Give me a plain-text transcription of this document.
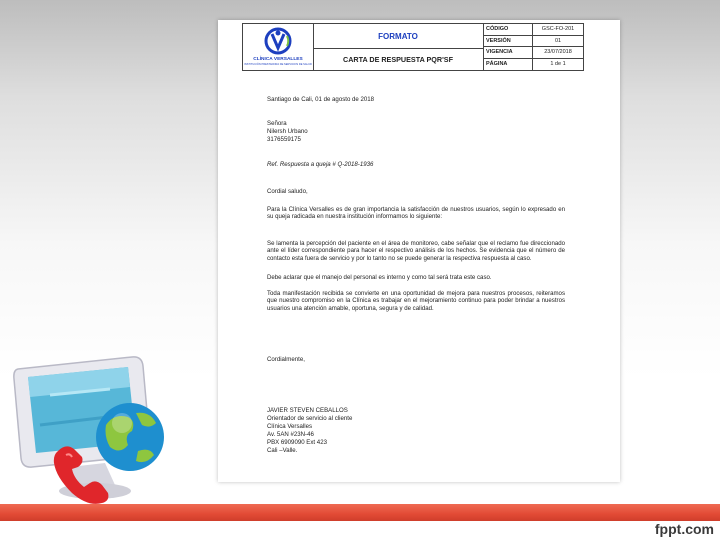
CLÍNICA VERSALLES
INSTITUCIÓN PRESTADORA DE SERVICIOS DE SALUD
FORMATO
CARTA DE RESPUESTA PQR'SF
CÓDIGO	GSC-FO-201
VERSIÓN	01
VIGENCIA	23/07/2018
PÁGINA	1 de 1
Santiago de Cali, 01 de agosto de 2018
Señora
Nilersh Urbano
3176559175
Ref. Respuesta a queja # Q-2018-1936
Cordial saludo,
Para la Clínica Versalles es de gran importancia la satisfacción de nuestros usuarios, según lo expresado en su queja radicada en nuestra institución informamos lo siguiente:
Se lamenta la percepción del paciente en el área de monitoreo, cabe señalar que el reclamo fue direccionado ante el líder correspondiente para hacer el respectivo análisis de los hechos. Se evidencia que el número de contacto esta fuera de servicio y por lo tanto no se puede generar la respectiva respuesta al caso.
Debe aclarar que el manejo del personal es interno y como tal será trata este caso.
Toda manifestación recibida se convierte en una oportunidad de mejora para nuestros procesos, reiteramos que nuestro compromiso en la Clínica es trabajar en el mejoramiento continuo para poder brindar a nuestros usuarios una atención amable, oportuna, segura y de calidad.
Cordialmente,
JAVIER STEVEN CEBALLOS
Orientador de servicio al cliente
Clínica Versalles
Av. 5AN #23N-46
PBX 6909090 Ext 423
Cali –Valle.
fppt.com
